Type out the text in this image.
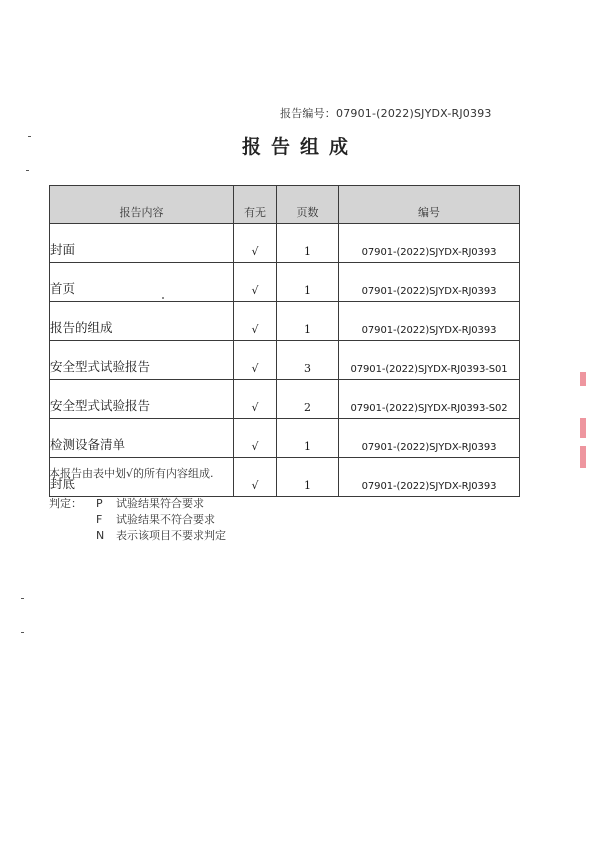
报告编号：07901-(2022)SJYDX-RJ0393
报告组成
报告内容	有无	页数	编号
封面	√	1	07901-(2022)SJYDX-RJ0393
首页	√	1	07901-(2022)SJYDX-RJ0393
报告的组成	√	1	07901-(2022)SJYDX-RJ0393
安全型式试验报告	√	3	07901-(2022)SJYDX-RJ0393-S01
安全型式试验报告	√	2	07901-(2022)SJYDX-RJ0393-S02
检测设备清单	√	1	07901-(2022)SJYDX-RJ0393
封底	√	1	07901-(2022)SJYDX-RJ0393
本报告由表中划√的所有内容组成.
判定：	P 试验结果符合要求
F 试验结果不符合要求
N 表示该项目不要求判定
